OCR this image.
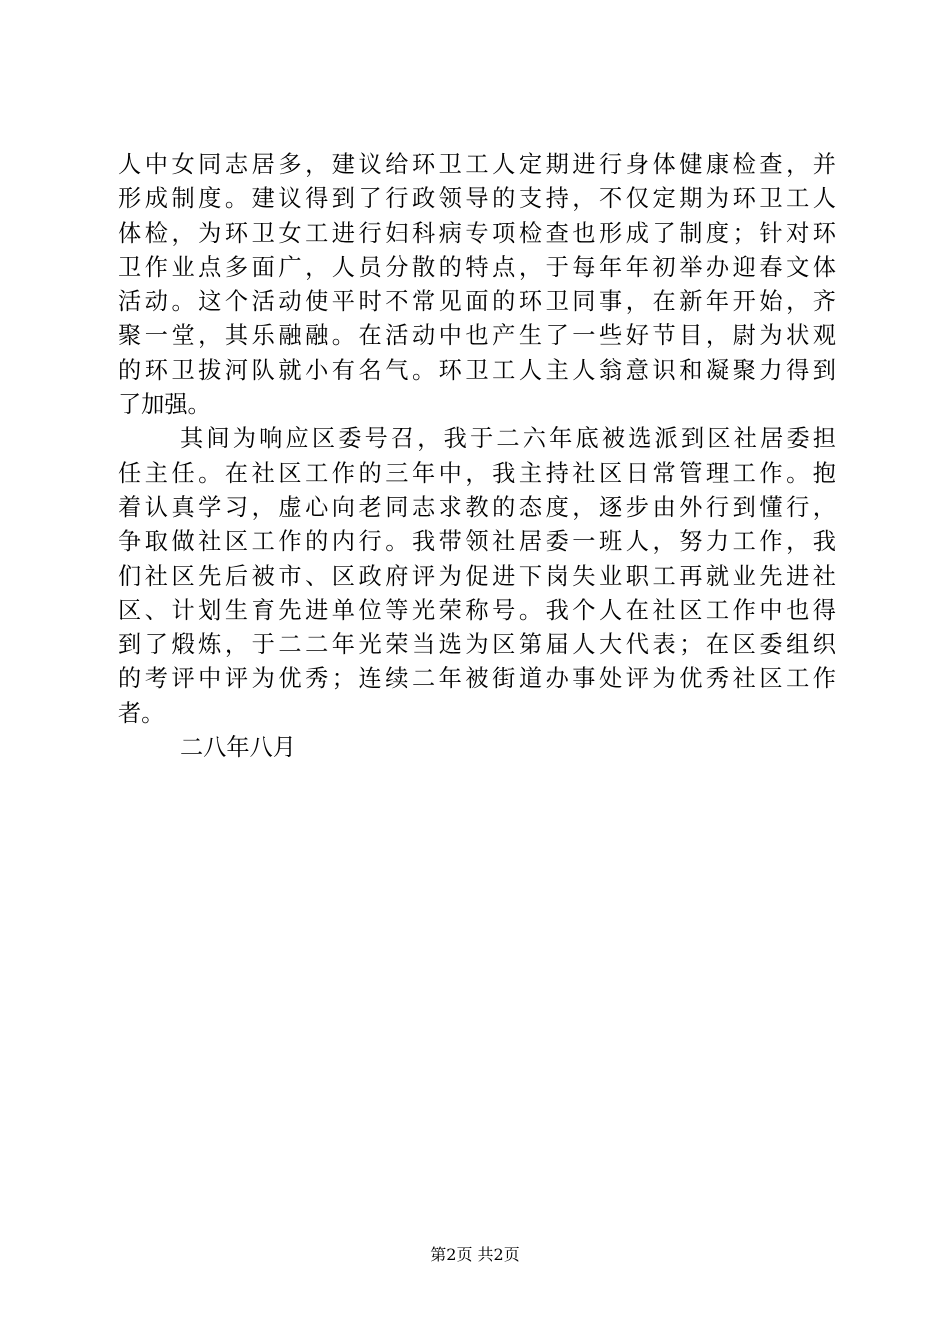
人中女同志居多，建议给环卫工人定期进行身体健康检查，并
形成制度。建议得到了行政领导的支持，不仅定期为环卫工人
体检，为环卫女工进行妇科病专项检查也形成了制度；针对环
卫作业点多面广，人员分散的特点，于每年年初举办迎春文体
活动。这个活动使平时不常见面的环卫同事，在新年开始，齐
聚一堂，其乐融融。在活动中也产生了一些好节目，尉为状观
的环卫拔河队就小有名气。环卫工人主人翁意识和凝聚力得到
了加强。
其间为响应区委号召，我于二六年底被选派到区社居委担
任主任。在社区工作的三年中，我主持社区日常管理工作。抱
着认真学习，虚心向老同志求教的态度，逐步由外行到懂行，
争取做社区工作的内行。我带领社居委一班人，努力工作，我
们社区先后被市、区政府评为促进下岗失业职工再就业先进社
区、计划生育先进单位等光荣称号。我个人在社区工作中也得
到了煅炼，于二二年光荣当选为区第届人大代表；在区委组织
的考评中评为优秀；连续二年被街道办事处评为优秀社区工作
者。
二八年八月
第2页 共2页
